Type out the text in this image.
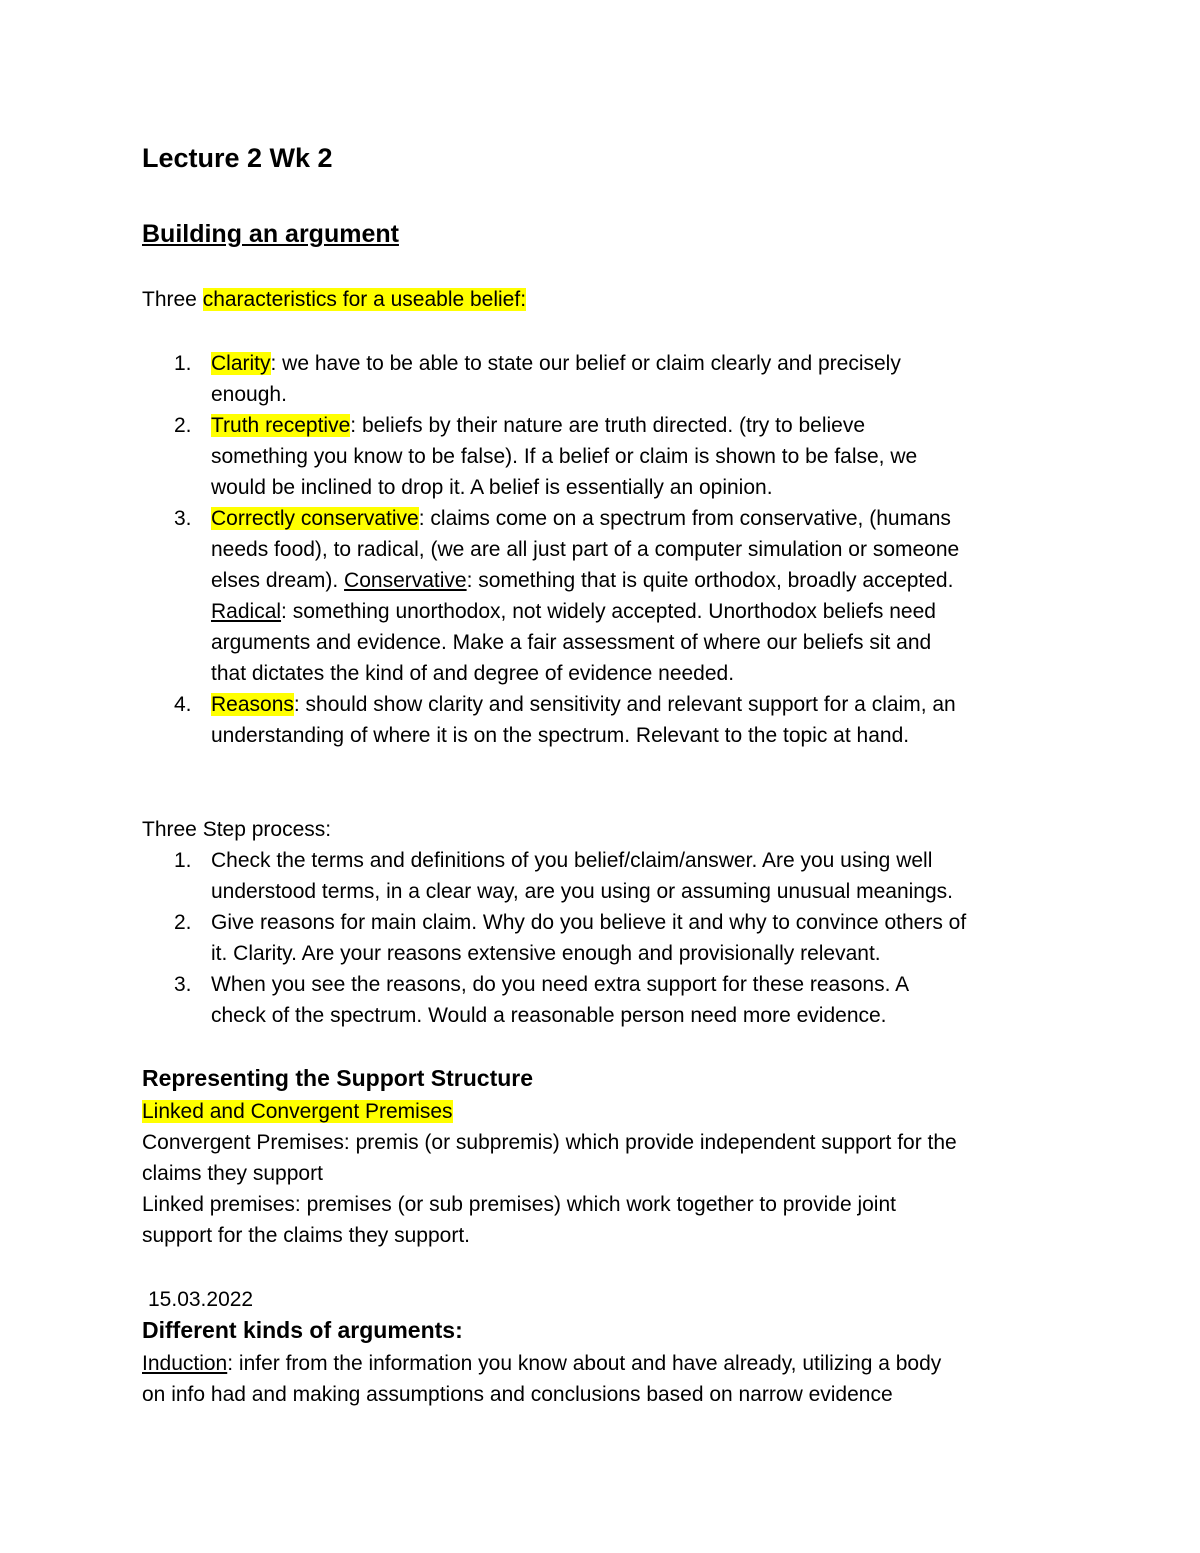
Lecture 2 Wk 2
Building an argument
Three characteristics for a useable belief:
1. Clarity: we have to be able to state our belief or claim clearly and precisely
enough.
2. Truth receptive: beliefs by their nature are truth directed. (try to believe
something you know to be false). If a belief or claim is shown to be false, we
would be inclined to drop it. A belief is essentially an opinion.
3. Correctly conservative: claims come on a spectrum from conservative, (humans
needs food), to radical, (we are all just part of a computer simulation or someone
elses dream). Conservative: something that is quite orthodox, broadly accepted.
Radical: something unorthodox, not widely accepted. Unorthodox beliefs need
arguments and evidence. Make a fair assessment of where our beliefs sit and
that dictates the kind of and degree of evidence needed.
4. Reasons: should show clarity and sensitivity and relevant support for a claim, an
understanding of where it is on the spectrum. Relevant to the topic at hand.
Three Step process:
1. Check the terms and definitions of you belief/claim/answer. Are you using well
understood terms, in a clear way, are you using or assuming unusual meanings.
2. Give reasons for main claim. Why do you believe it and why to convince others of
it. Clarity. Are your reasons extensive enough and provisionally relevant.
3. When you see the reasons, do you need extra support for these reasons. A
check of the spectrum. Would a reasonable person need more evidence.
Representing the Support Structure
Linked and Convergent Premises
Convergent Premises: premis (or subpremis) which provide independent support for the
claims they support
Linked premises: premises (or sub premises) which work together to provide joint
support for the claims they support.
15.03.2022
Different kinds of arguments:
Induction: infer from the information you know about and have already, utilizing a body
on info had and making assumptions and conclusions based on narrow evidence
